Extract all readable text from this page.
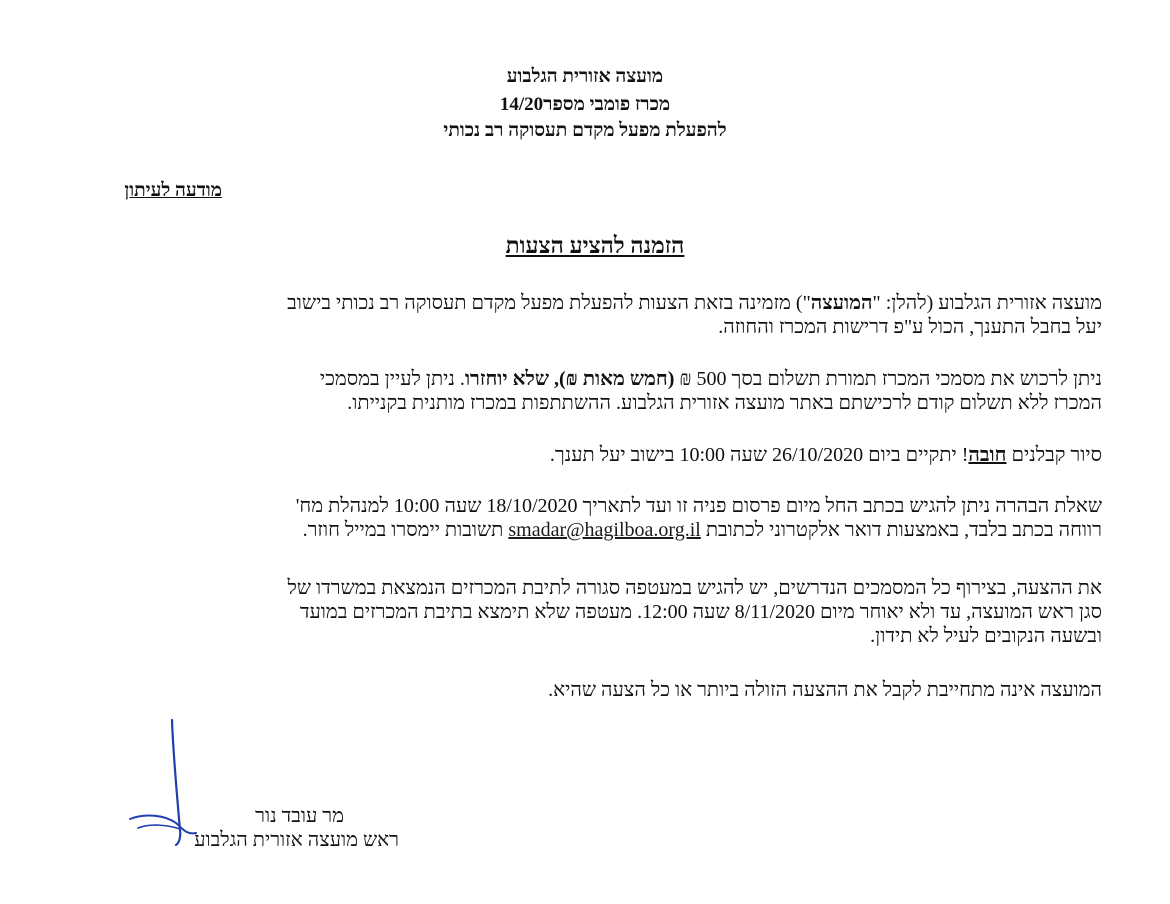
מועצה אזורית הגלבוע
מכרז פומבי מספר14/20
להפעלת מפעל מקדם תעסוקה רב נכותי
מודעה לעיתון
הזמנה להציע הצעות
מועצה אזורית הגלבוע (להלן: "המועצה") מזמינה בזאת הצעות להפעלת מפעל מקדם תעסוקה רב נכותי בישוב
יעל בחבל התענך, הכול ע"פ דרישות המכרז והחוזה.
ניתן לרכוש את מסמכי המכרז תמורת תשלום בסך 500 ₪ (חמש מאות ₪), שלא יוחזרו. ניתן לעיין במסמכי
המכרז ללא תשלום קודם לרכישתם באתר מועצה אזורית הגלבוע. ההשתתפות במכרז מותנית בקנייתו.
סיור קבלנים חובה! יתקיים ביום 26/10/2020 שעה 10:00 בישוב יעל תענך.
שאלת הבהרה ניתן להגיש בכתב החל מיום פרסום פניה זו ועד לתאריך 18/10/2020 שעה 10:00 למנהלת מח'
רווחה בכתב בלבד, באמצעות דואר אלקטרוני לכתובת smadar@hagilboa.org.il תשובות יימסרו במייל חוזר.
את ההצעה, בצירוף כל המסמכים הנדרשים, יש להגיש במעטפה סגורה לתיבת המכרזים הנמצאת במשרדו של
סגן ראש המועצה, עד ולא יאוחר מיום 8/11/2020 שעה 12:00. מעטפה שלא תימצא בתיבת המכרזים במועד
ובשעה הנקובים לעיל לא תידון.
המועצה אינה מתחייבת לקבל את ההצעה הזולה ביותר או כל הצעה שהיא.
מר עובד נור
ראש מועצה אזורית הגלבוע
